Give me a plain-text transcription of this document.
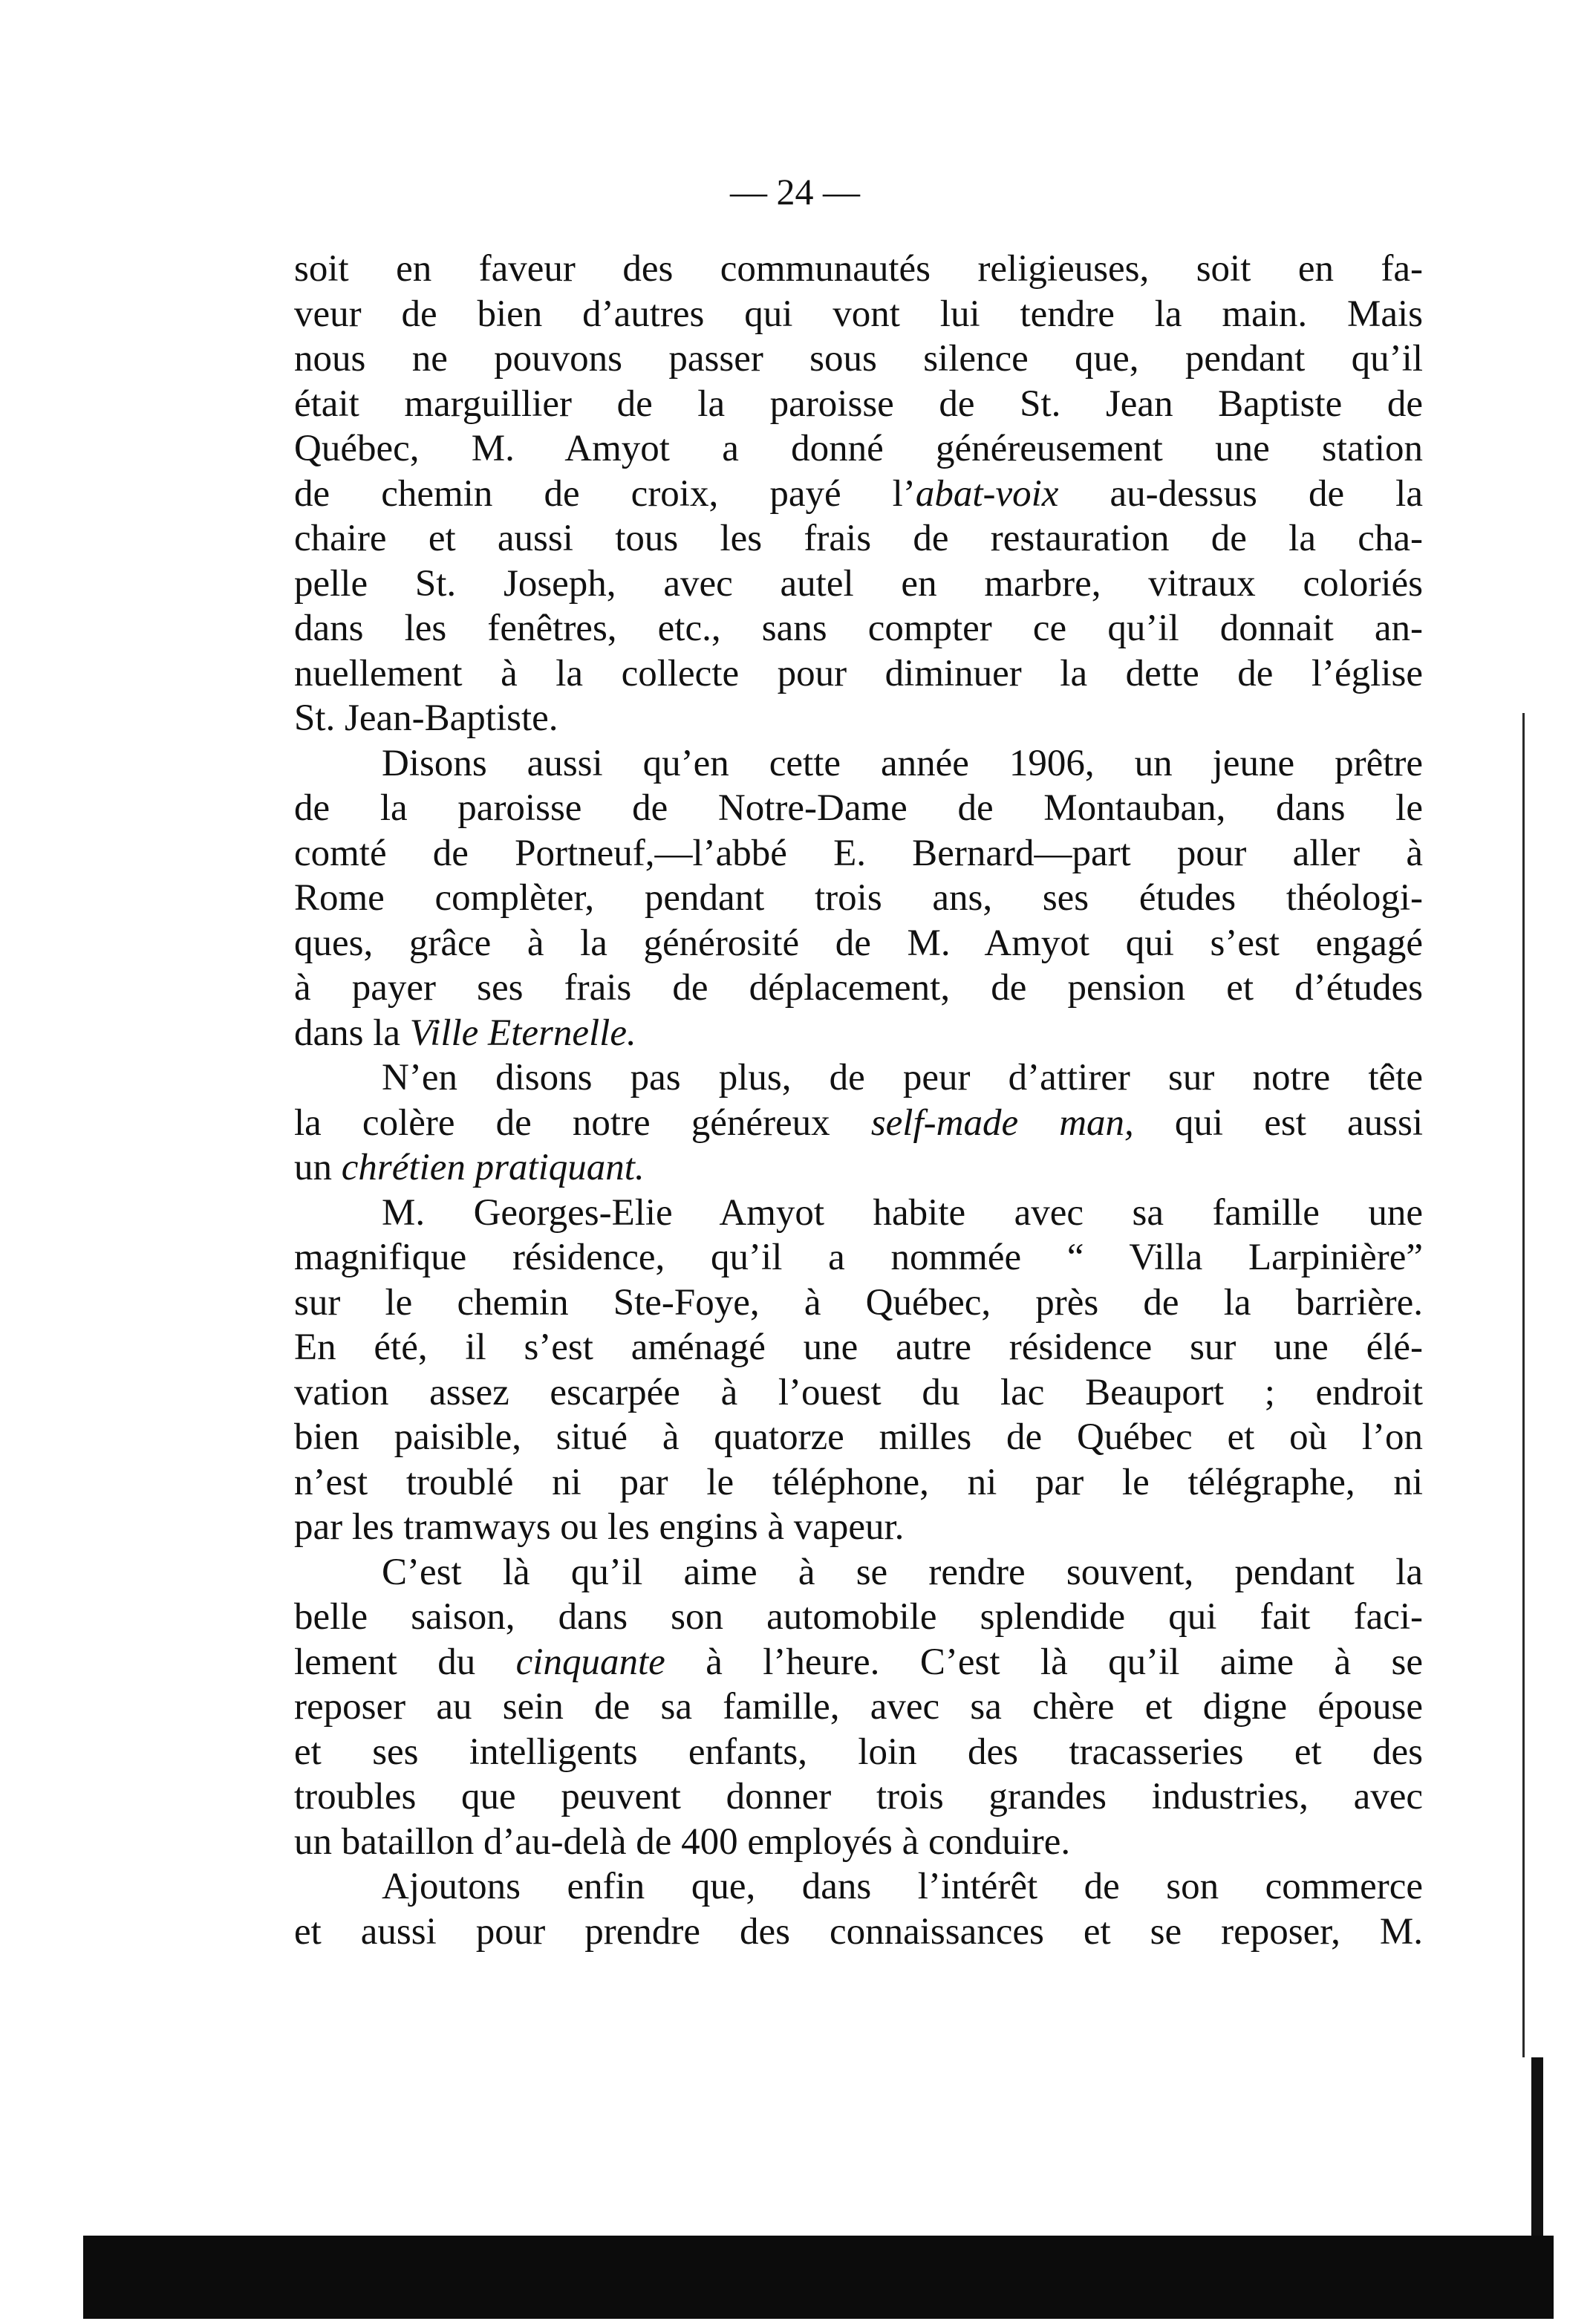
— 24 —
soit en faveur des communautés religieuses, soit en fa-
veur de bien d’autres qui vont lui tendre la main. Mais
nous ne pouvons passer sous silence que, pendant qu’il
était marguillier de la paroisse de St. Jean Baptiste de
Québec, M. Amyot a donné généreusement une station
de chemin de croix, payé l’abat-voix au-dessus de la
chaire et aussi tous les frais de restauration de la cha-
pelle St. Joseph, avec autel en marbre, vitraux coloriés
dans les fenêtres, etc., sans compter ce qu’il donnait an-
nuellement à la collecte pour diminuer la dette de l’église
St. Jean-Baptiste.
Disons aussi qu’en cette année 1906, un jeune prêtre
de la paroisse de Notre-Dame de Montauban, dans le
comté de Portneuf,—l’abbé E. Bernard—part pour aller à
Rome complèter, pendant trois ans, ses études théologi-
ques, grâce à la générosité de M. Amyot qui s’est engagé
à payer ses frais de déplacement, de pension et d’études
dans la Ville Eternelle.
N’en disons pas plus, de peur d’attirer sur notre tête
la colère de notre généreux self-made man, qui est aussi
un chrétien pratiquant.
M. Georges-Elie Amyot habite avec sa famille une
magnifique résidence, qu’il a nommée “ Villa Larpinière”
sur le chemin Ste-Foye, à Québec, près de la barrière.
En été, il s’est aménagé une autre résidence sur une élé-
vation assez escarpée à l’ouest du lac Beauport ; endroit
bien paisible, situé à quatorze milles de Québec et où l’on
n’est troublé ni par le téléphone, ni par le télégraphe, ni
par les tramways ou les engins à vapeur.
C’est là qu’il aime à se rendre souvent, pendant la
belle saison, dans son automobile splendide qui fait faci-
lement du cinquante à l’heure. C’est là qu’il aime à se
reposer au sein de sa famille, avec sa chère et digne épouse
et ses intelligents enfants, loin des tracasseries et des
troubles que peuvent donner trois grandes industries, avec
un bataillon d’au-delà de 400 employés à conduire.
Ajoutons enfin que, dans l’intérêt de son commerce
et aussi pour prendre des connaissances et se reposer, M.
